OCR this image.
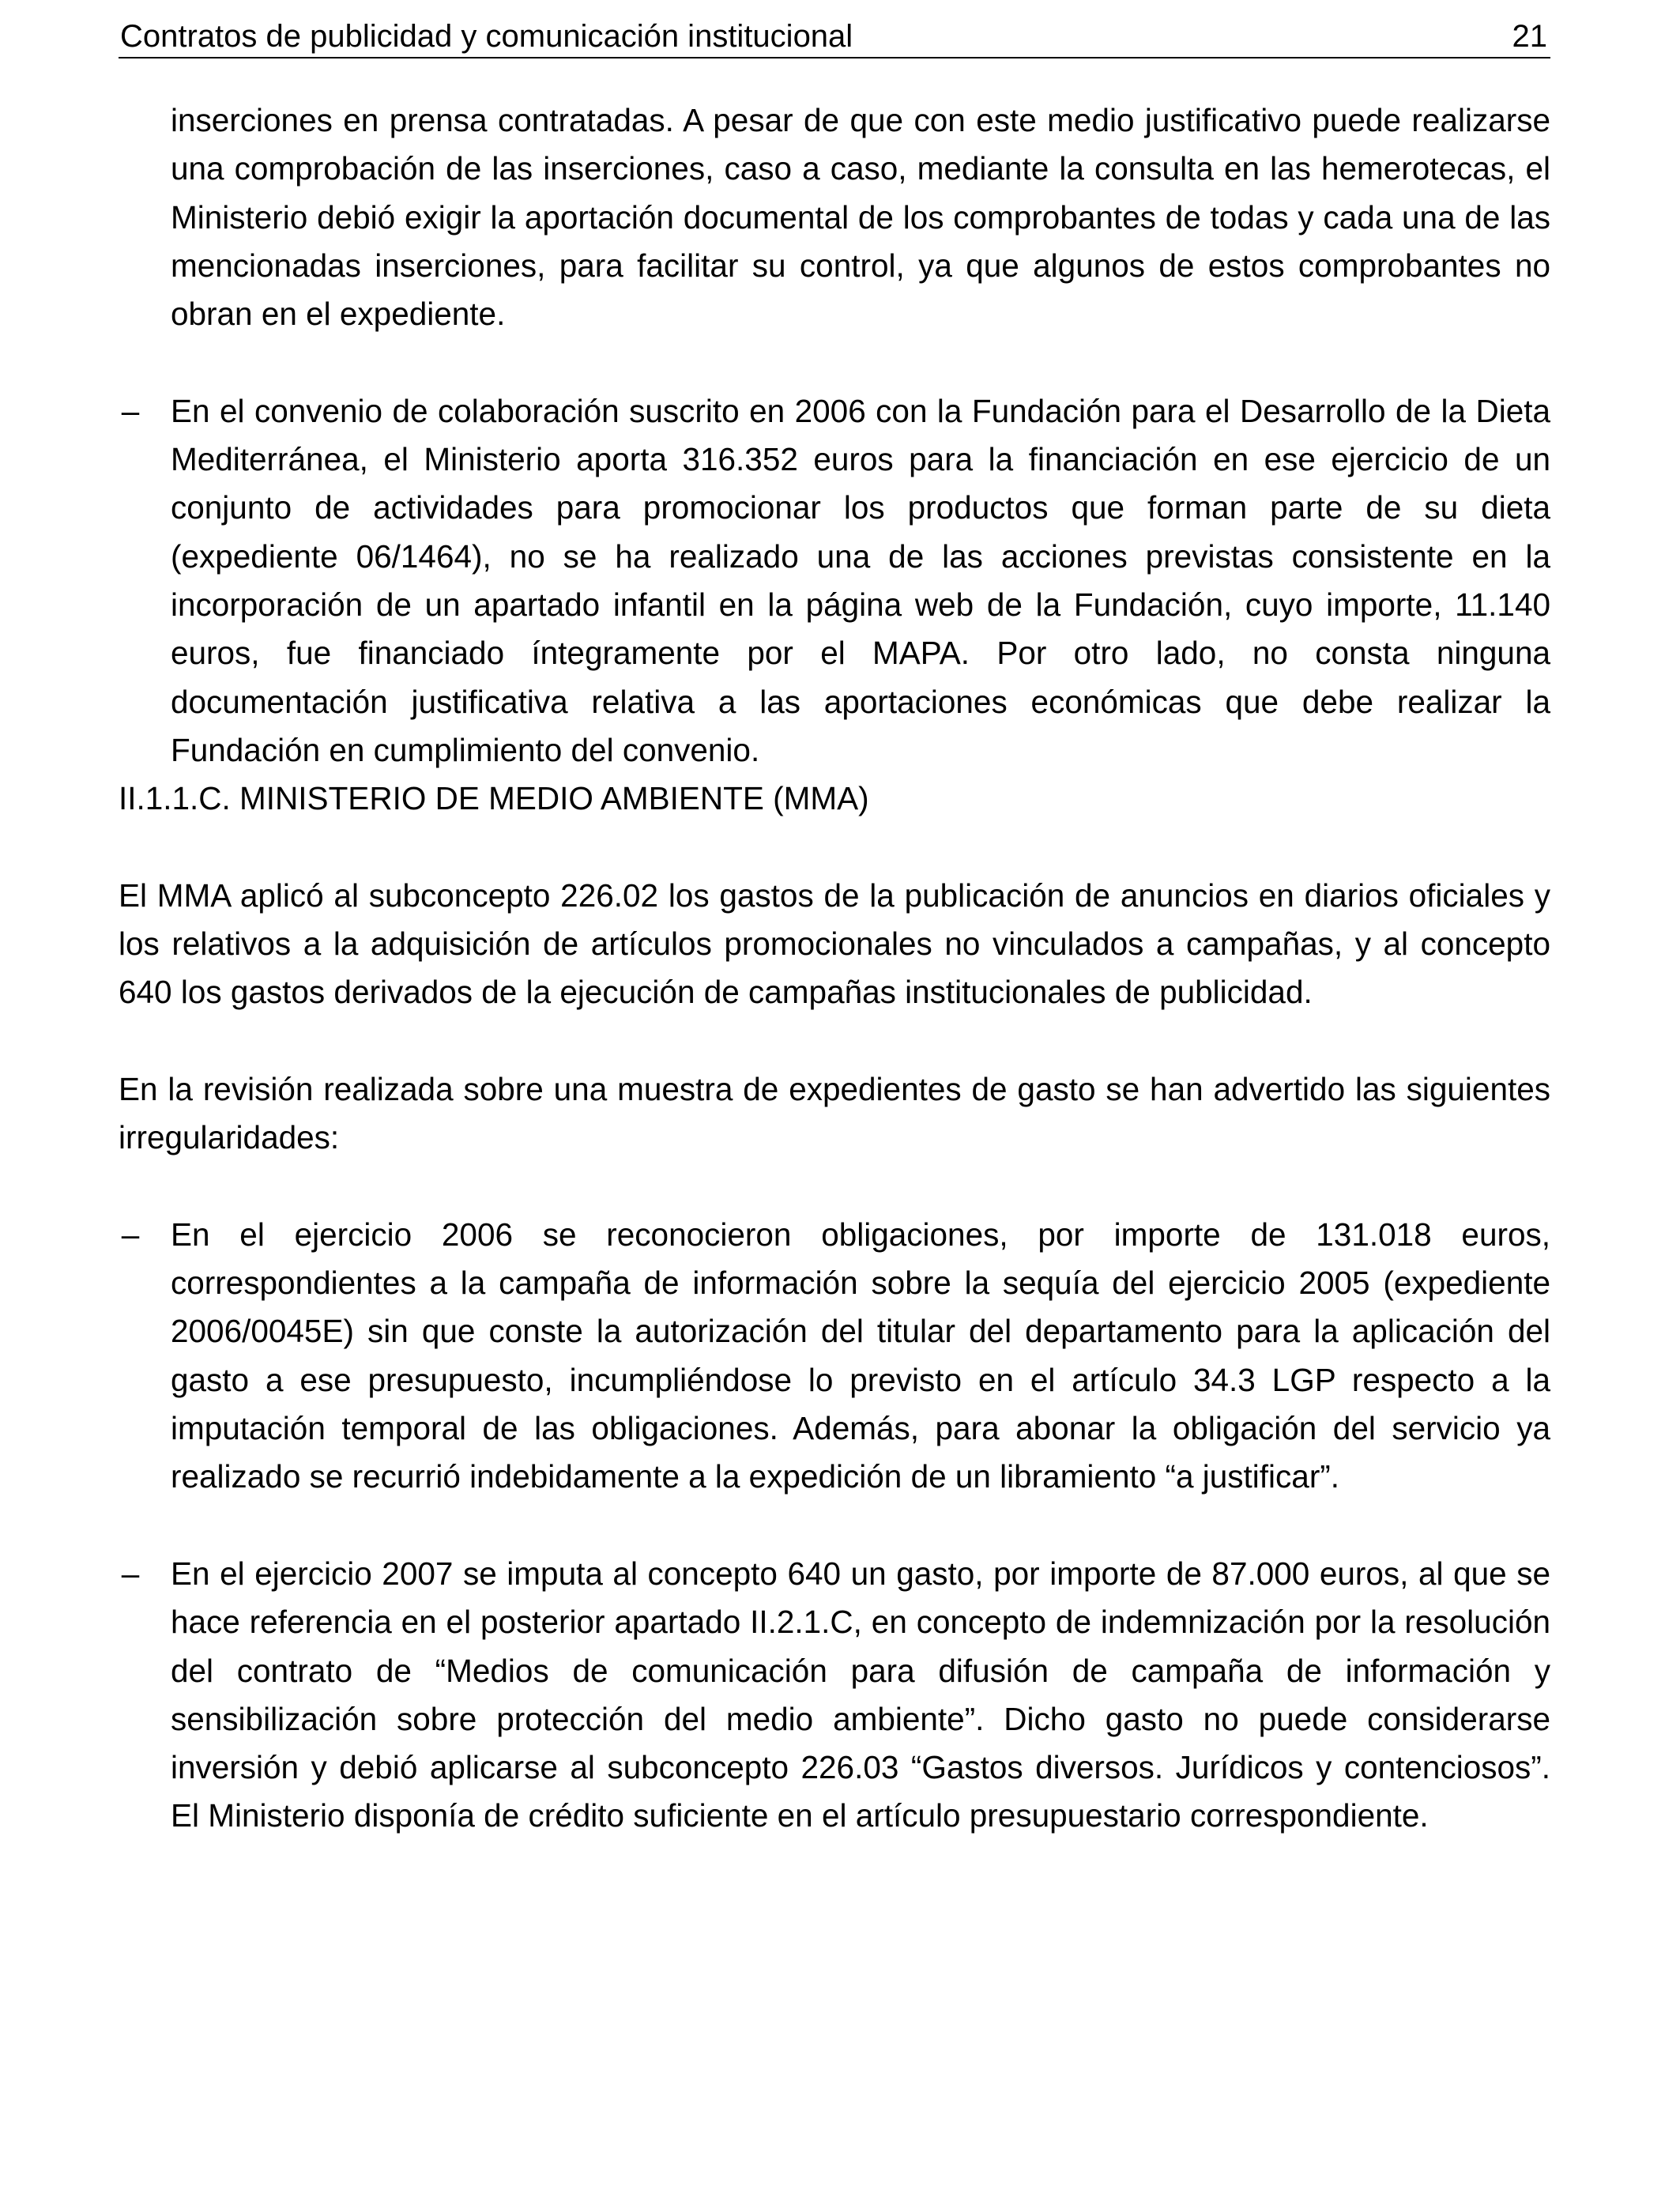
Contratos de publicidad y comunicación institucional	21

inserciones en prensa contratadas. A pesar de que con este medio justificativo puede realizarse una comprobación de las inserciones, caso a caso, mediante la consulta en las hemerotecas, el Ministerio debió exigir la aportación documental de los comprobantes de todas y cada una de las mencionadas inserciones, para facilitar su control, ya que algunos de estos comprobantes no obran en el expediente.

– En el convenio de colaboración suscrito en 2006 con la Fundación para el Desarrollo de la Dieta Mediterránea, el Ministerio aporta 316.352 euros para la financiación en ese ejercicio de un conjunto de actividades para promocionar los productos que forman parte de su dieta (expediente 06/1464), no se ha realizado una de las acciones previstas consistente en la incorporación de un apartado infantil en la página web de la Fundación, cuyo importe, 11.140 euros, fue financiado íntegramente por el MAPA. Por otro lado, no consta ninguna documentación justificativa relativa a las aportaciones económicas que debe realizar la Fundación en cumplimiento del convenio.

II.1.1.C. MINISTERIO DE MEDIO AMBIENTE (MMA)

El MMA aplicó al subconcepto 226.02 los gastos de la publicación de anuncios en diarios oficiales y los relativos a la adquisición de artículos promocionales no vinculados a campañas, y al concepto 640 los gastos derivados de la ejecución de campañas institucionales de publicidad.

En la revisión realizada sobre una muestra de expedientes de gasto se han advertido las siguientes irregularidades:

– En el ejercicio 2006 se reconocieron obligaciones, por importe de 131.018 euros, correspondientes a la campaña de información sobre la sequía del ejercicio 2005 (expediente 2006/0045E) sin que conste la autorización del titular del departamento para la aplicación del gasto a ese presupuesto, incumpliéndose lo previsto en el artículo 34.3 LGP respecto a la imputación temporal de las obligaciones. Además, para abonar la obligación del servicio ya realizado se recurrió indebidamente a la expedición de un libramiento “a justificar”.

– En el ejercicio 2007 se imputa al concepto 640 un gasto, por importe de 87.000 euros, al que se hace referencia en el posterior apartado II.2.1.C, en concepto de indemnización por la resolución del contrato de “Medios de comunicación para difusión de campaña de información y sensibilización sobre protección del medio ambiente”. Dicho gasto no puede considerarse inversión y debió aplicarse al subconcepto 226.03 “Gastos diversos. Jurídicos y contenciosos”. El Ministerio disponía de crédito suficiente en el artículo presupuestario correspondiente.
